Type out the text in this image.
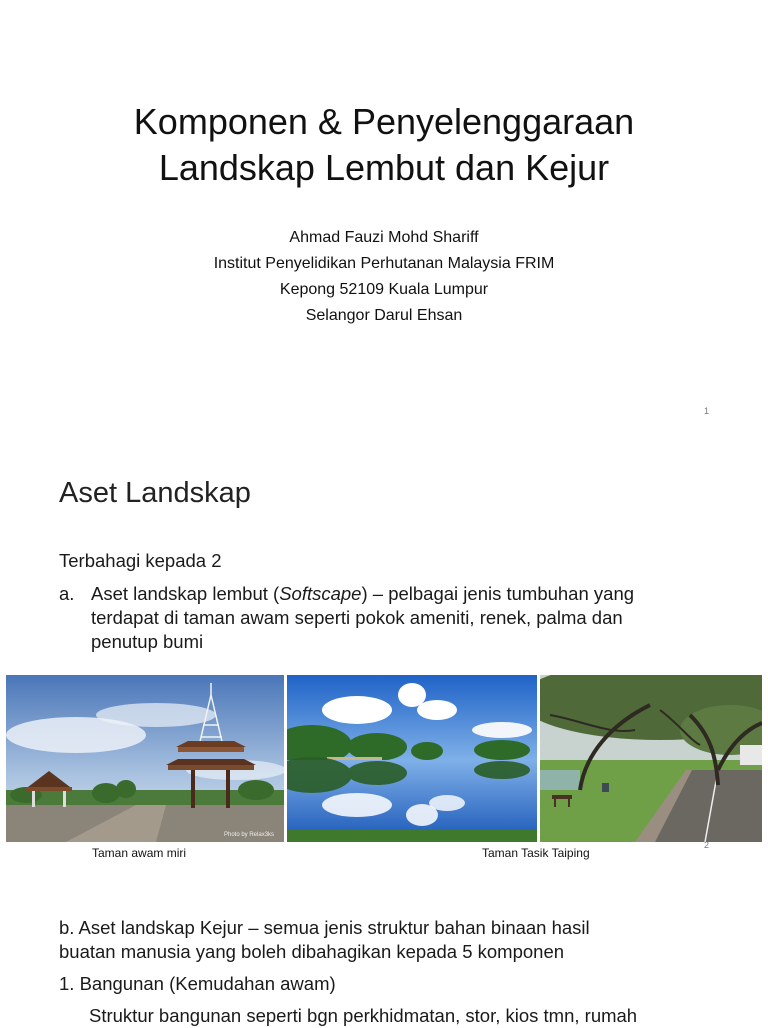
Komponen & Penyelenggaraan
Landskap Lembut dan Kejur
Ahmad Fauzi Mohd Shariff
Institut Penyelidikan Perhutanan Malaysia FRIM
Kepong 52109 Kuala Lumpur
Selangor Darul Ehsan
1
Aset Landskap
Terbahagi kepada 2
a. Aset landskap lembut (Softscape) – pelbagai jenis tumbuhan yang
terdapat di taman awam seperti pokok ameniti, renek, palma dan
penutup bumi
Photo by Relax3ks
Taman awam miri	Taman Tasik Taiping
2
b. Aset landskap Kejur – semua jenis struktur bahan binaan hasil
buatan manusia yang boleh dibahagikan kepada 5 komponen
1. Bangunan (Kemudahan awam)
Struktur bangunan seperti bgn perkhidmatan, stor, kios tmn, rumah
